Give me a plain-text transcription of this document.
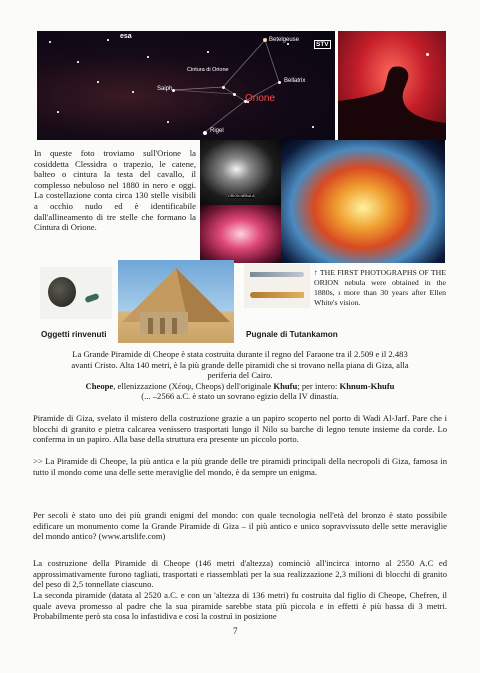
esa	Betelgeuse
STV
Cintura di Orione
Bellatrix
Saiph
Orione
Rigel
In queste foto troviamo sull'Orione la cosiddetta Clessidra o trapezio, le catene, balteo o cintura la testa del cavallo, il complesso nebuloso nel 1880 in nero e oggi. La costellazione conta circa 130 stelle visibili a occhio nudo ed è identificabile dall'allineamento di tre stelle che formano la Cintura di Orione.
ORION NEBULA
↑ THE FIRST PHOTOGRAPHS OF THE ORION nebula were obtained in the 1880s, ı more than 30 years after Ellen White's vision.
Oggetti rinvenuti	Pugnale di Tutankamon
La Grande Piramide di Cheope è stata costruita durante il regno del Faraone tra il 2.509 e il 2.483
avanti Cristo. Alta 140 metri, è la più grande delle piramidi che si trovano nella piana di Giza, alla
periferia del Cairo.
Cheope, ellenizzazione (Χέοψ, Cheops) dell'originale Khufu; per intero: Khnum-Khufu
(... –2566 a.C. è stato un sovrano egizio della IV dinastia.
Piramide di Giza, svelato il mistero della costruzione grazie a un papiro scoperto nel porto di Wadi Al-Jarf. Pare che i blocchi di granito e pietra calcarea venissero trasportati lungo il Nilo su barche di legno tenute insieme da corde. Lo conferma in un papiro. Alla base della struttura era presente un piccolo porto.
>> La Piramide di Cheope, la più antica e la più grande delle tre piramidi principali della necropoli di Giza, famosa in tutto il mondo come una delle sette meraviglie del mondo, è da sempre un enigma.
Per secoli è stato uno dei più grandi enigmi del mondo: con quale tecnologia nell'età del bronzo è stato possibile edificare un monumento come la Grande Piramide di Giza – il più antico e unico sopravvissuto delle sette meraviglie del mondo antico? (www.artslife.com)
La costruzione della Piramide di Cheope (146 metri d'altezza) cominciò all'incirca intorno al 2550 A.C ed approssimativamente furono tagliati, trasportati e riassemblati per la sua realizzazione 2,3 milioni di blocchi di granito del peso di 2,5 tonnellate ciascuno.
La seconda piramide (datata al 2520 a.C. e con un 'altezza di 136 metri) fu costruita dal figlio di Cheope, Chefren, il quale aveva promesso al padre che la sua piramide sarebbe stata più piccola e in effetti è più bassa di 3 metri. Probabilmente però sta cosa lo infastidiva e così la costruì in posizione
7
